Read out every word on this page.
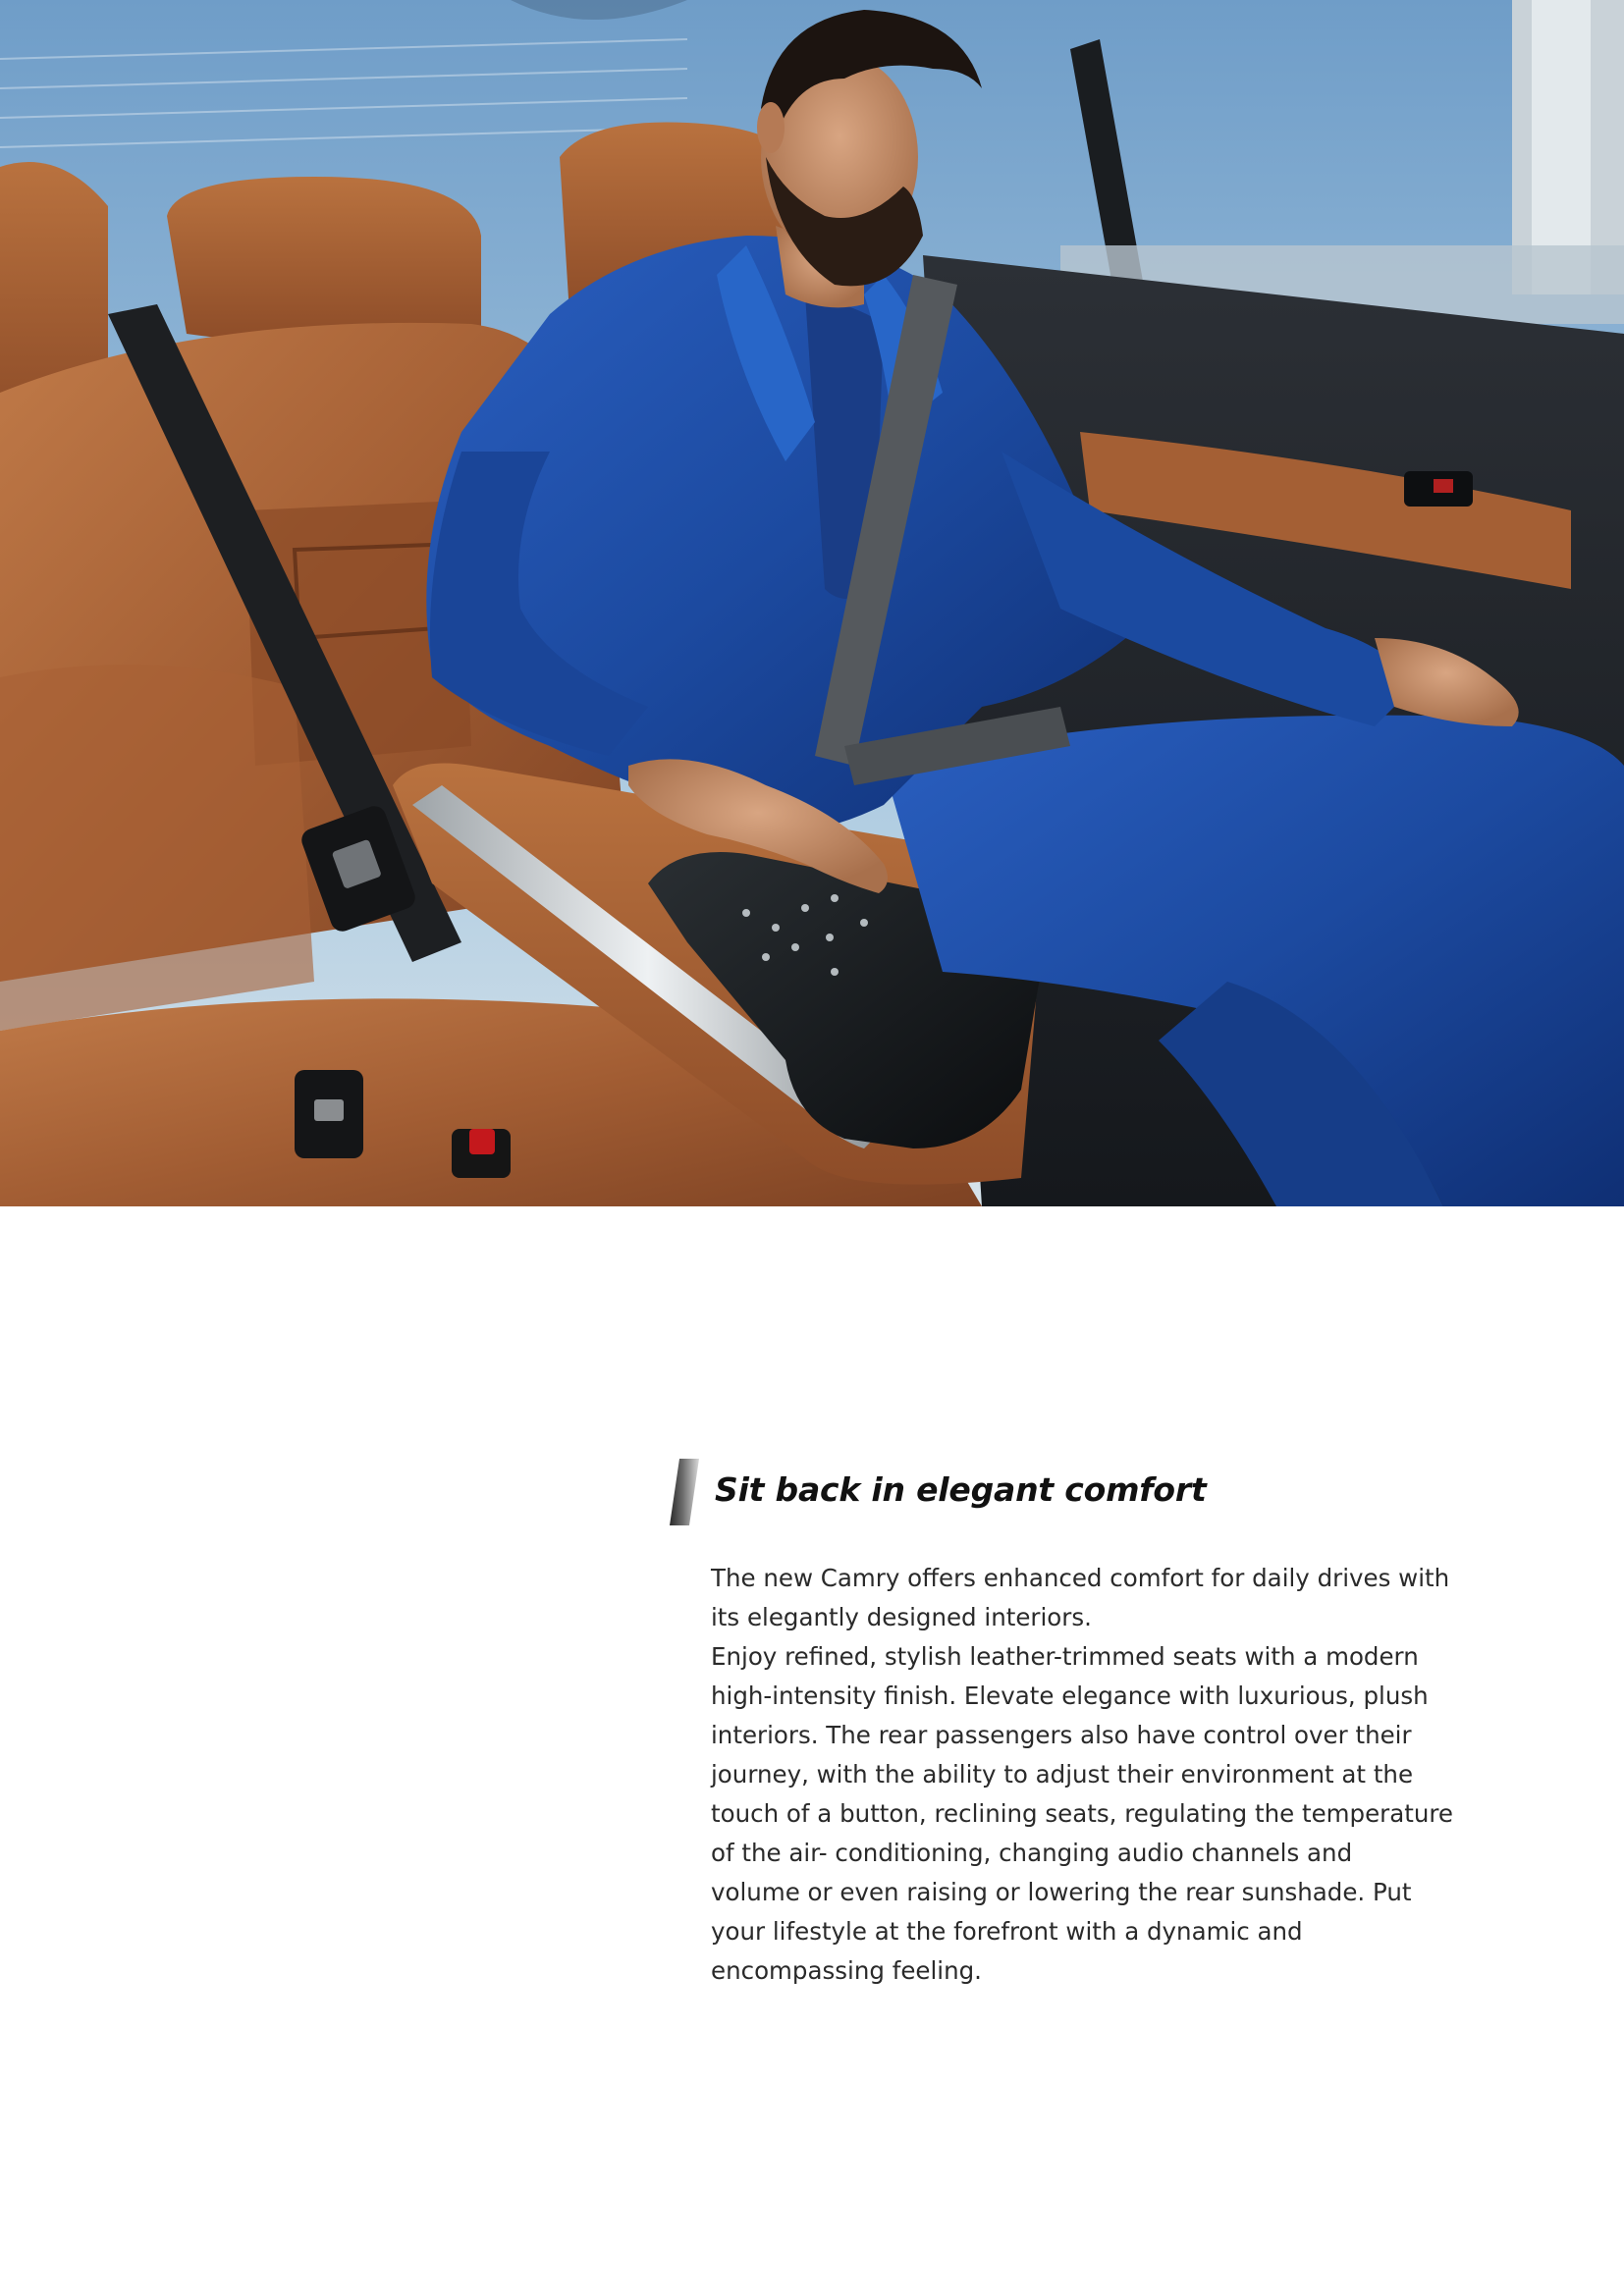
Sit back in elegant comfort
The new Camry offers enhanced comfort for daily drives with
its elegantly designed interiors.
Enjoy refined, stylish leather-trimmed seats with a modern
high-intensity finish. Elevate elegance with luxurious, plush
interiors. The rear passengers also have control over their
journey, with the ability to adjust their environment at the
touch of a button, reclining seats, regulating the temperature
of the air- conditioning, changing audio channels and
volume or even raising or lowering the rear sunshade. Put
your lifestyle at the forefront with a dynamic and
encompassing feeling.
